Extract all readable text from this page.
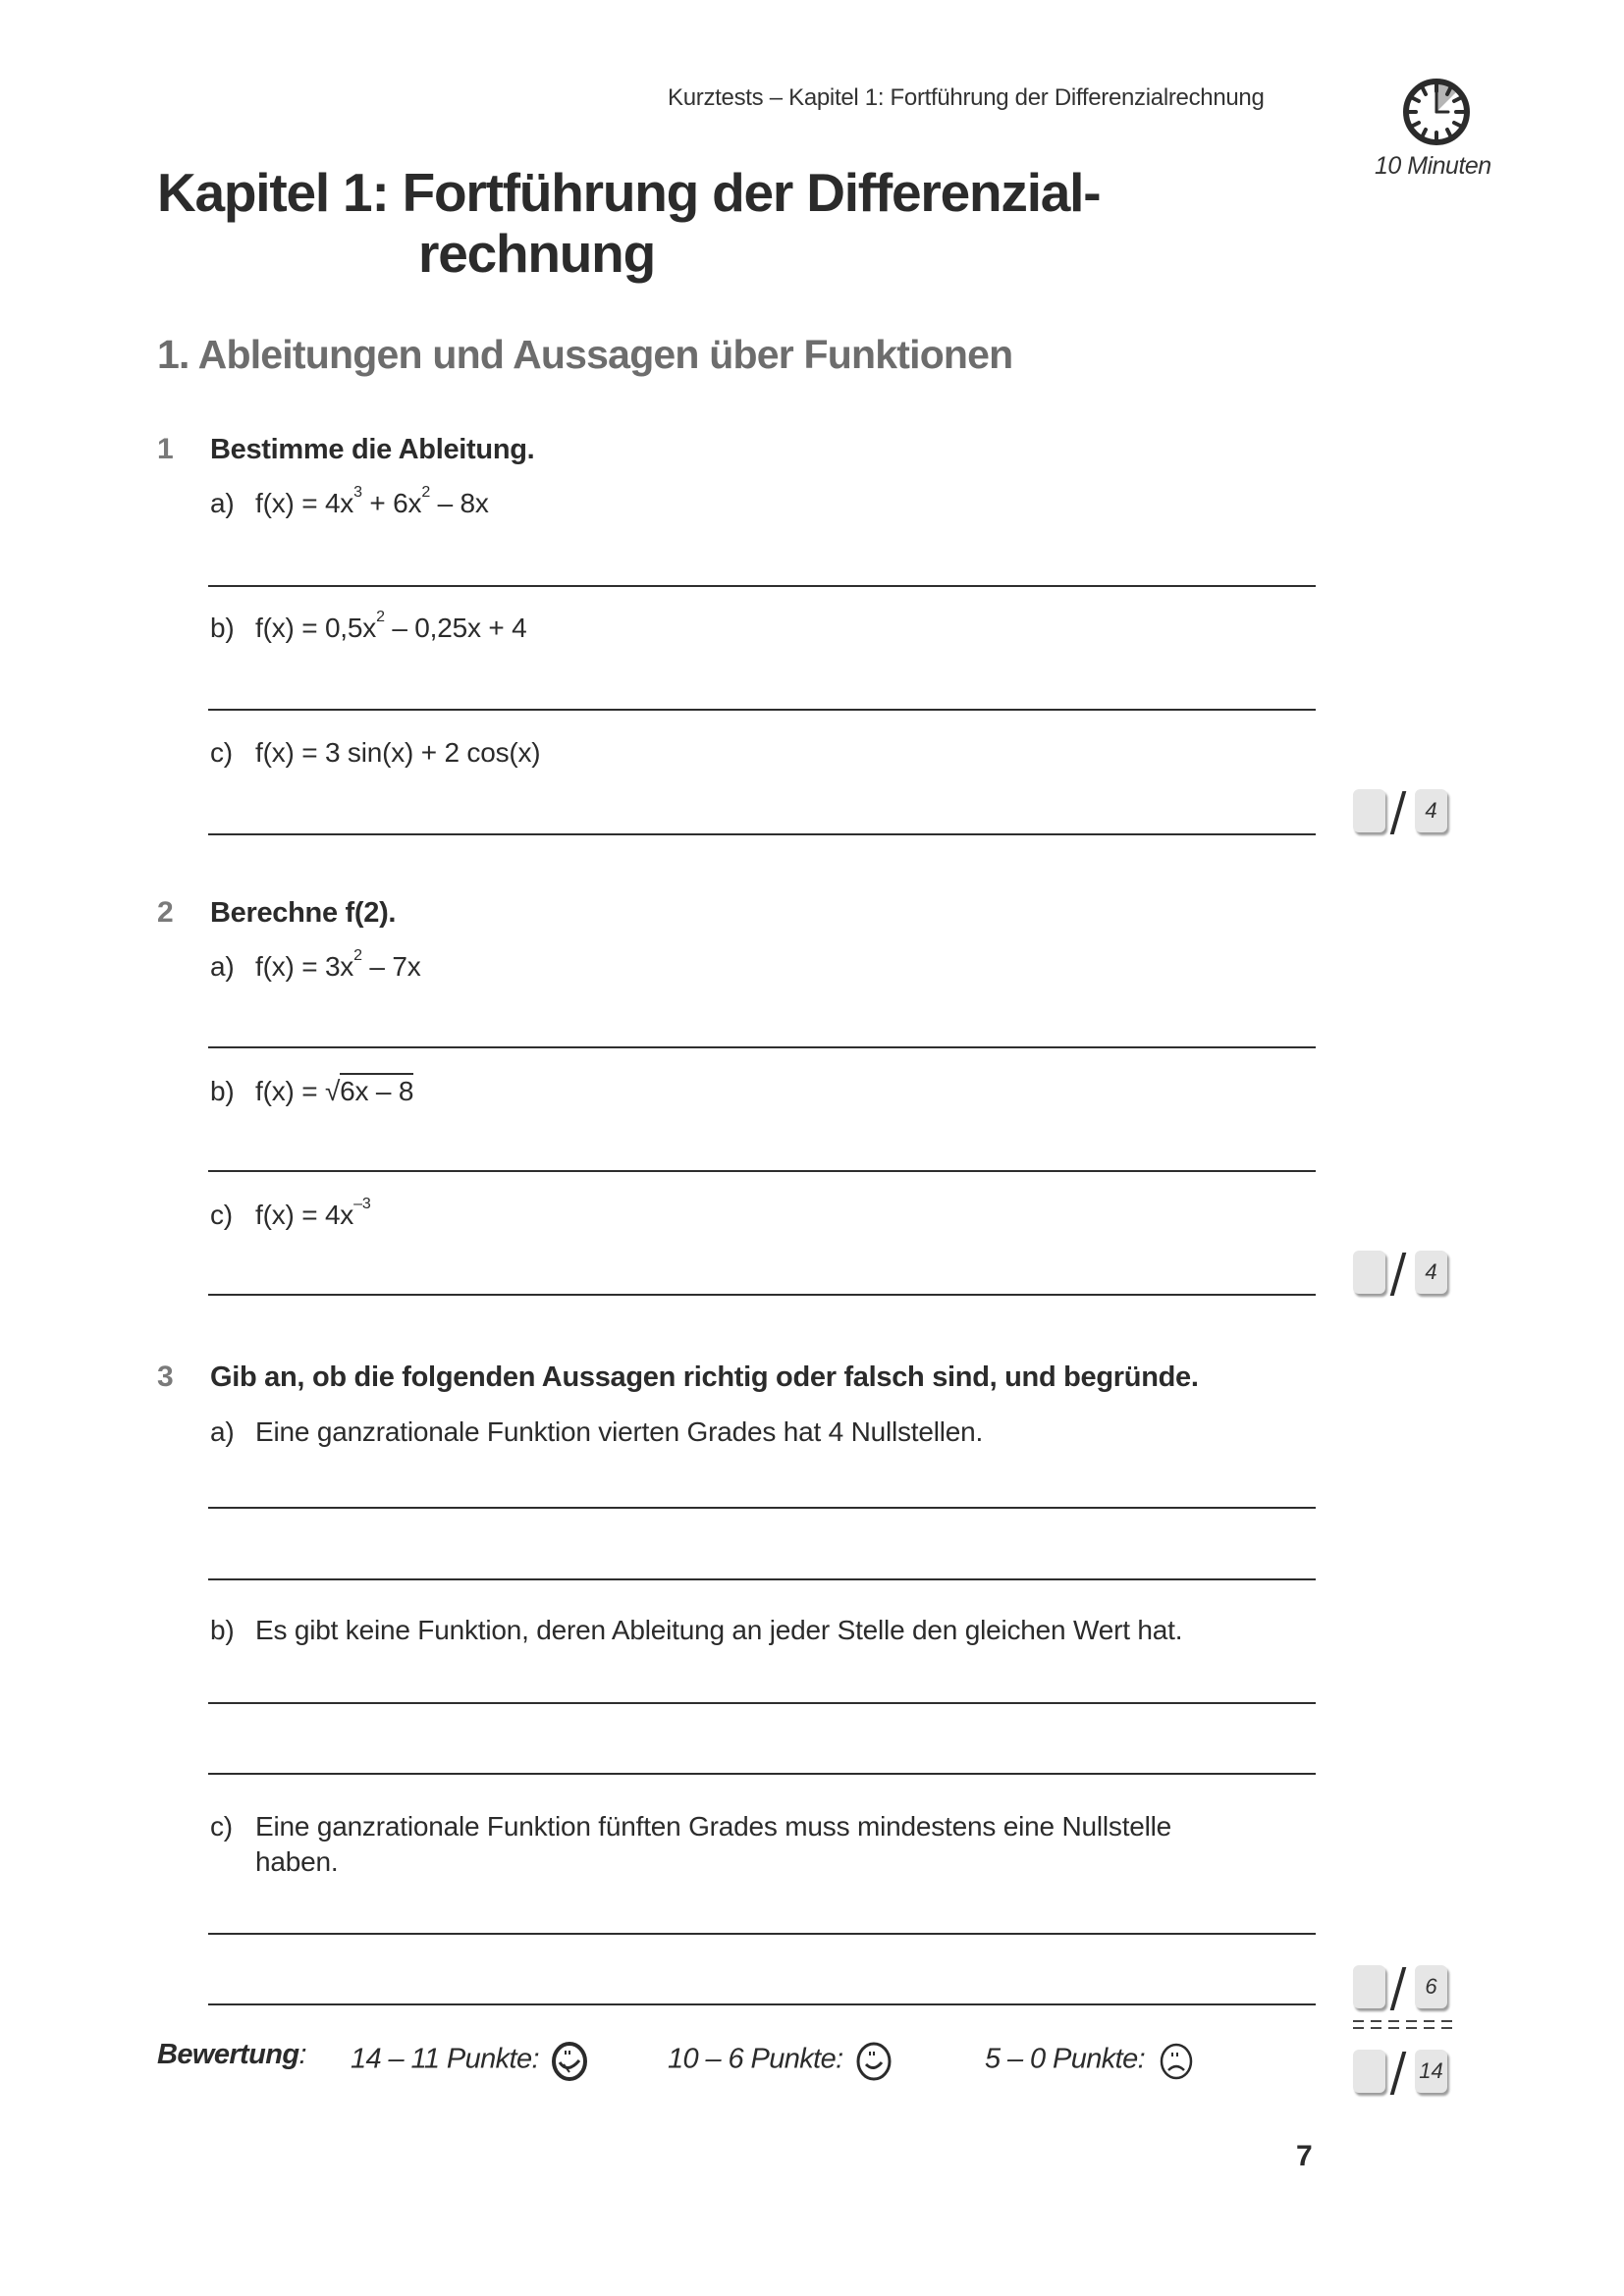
Kurztests – Kapitel 1: Fortführung der Differenzialrechnung
10 Minuten
Kapitel 1: Fortführung der Differenzial-
rechnung
1. Ableitungen und Aussagen über Funktionen
1 Bestimme die Ableitung.
a) $f(x) = 4x^3 + 6x^2 - 8x$
b) $f(x) = 0,5x^2 - 0,25x + 4$
c) f(x) = 3 sin(x) + 2 cos(x)
4
2 Berechne f(2).
a) $f(x) = 3x^2 - 7x$
b) f(x) = √6x – 8
c) $f(x) = 4x^{-3}$
4
3 Gib an, ob die folgenden Aussagen richtig oder falsch sind, und begründe.
a) Eine ganzrationale Funktion vierten Grades hat 4 Nullstellen.
b) Es gibt keine Funktion, deren Ableitung an jeder Stelle den gleichen Wert hat.
c) Eine ganzrationale Funktion fünften Grades muss mindestens eine Nullstelle
haben.
6
14
Bewertung: 14 – 11 Punkte:	10 – 6 Punkte:	5 – 0 Punkte:
7
